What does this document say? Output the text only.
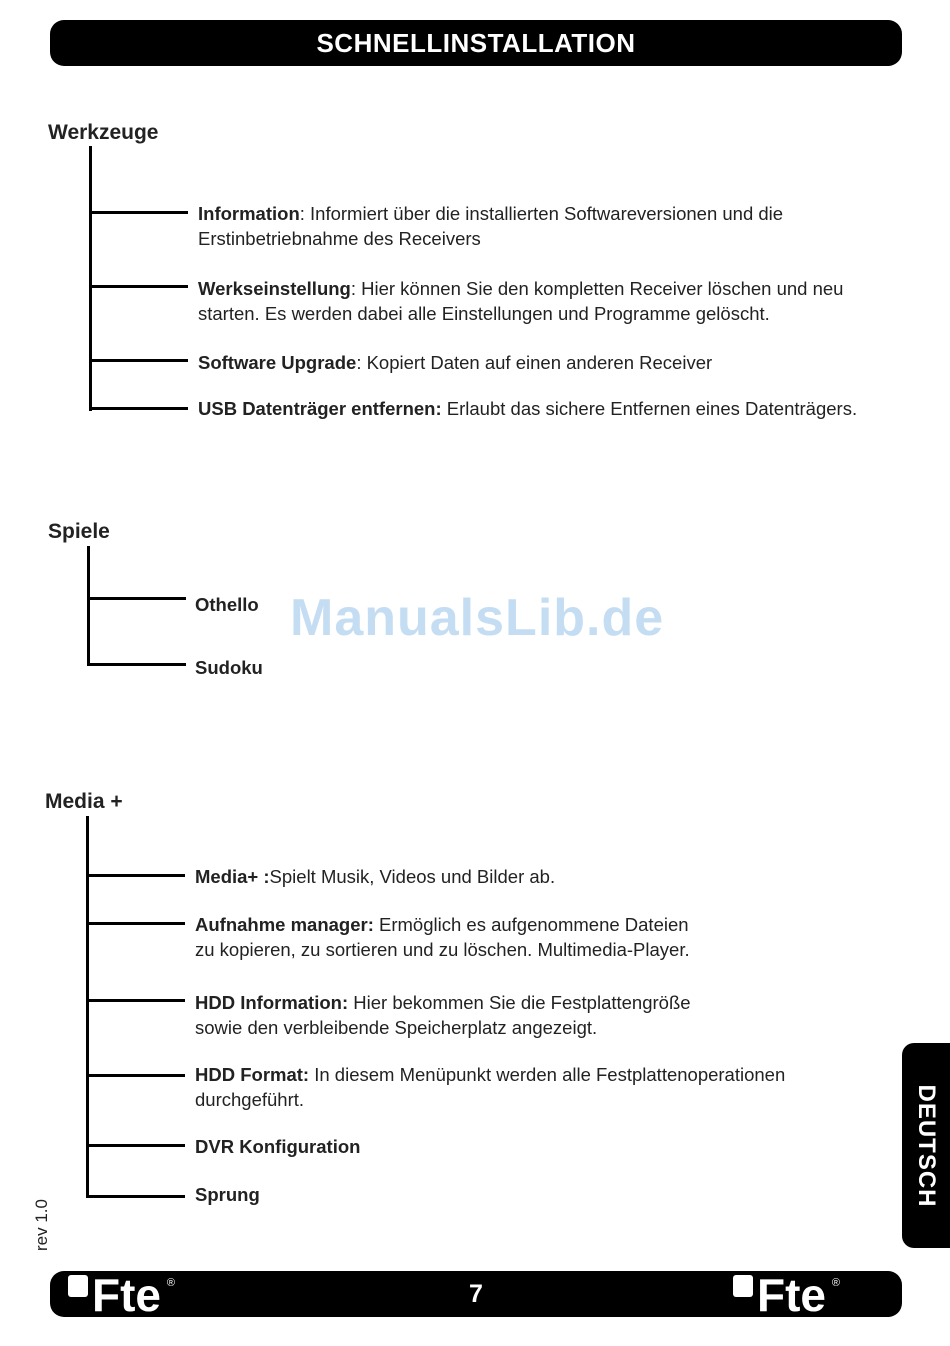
SCHNELLINSTALLATION
Werkzeuge
Information: Informiert über die installierten Softwareversionen und die Erstinbetriebnahme des Receivers
Werkseinstellung: Hier können Sie den kompletten Receiver löschen und neu starten. Es werden dabei alle Einstellungen und Programme gelöscht.
Software Upgrade: Kopiert Daten auf einen anderen Receiver
USB Datenträger entfernen: Erlaubt das sichere Entfernen eines Datenträgers.
Spiele
Othello
Sudoku
ManualsLib.de
Media +
Media+ :Spielt Musik, Videos und Bilder ab.
Aufnahme manager: Ermöglich es aufgenommene Dateien
zu kopieren, zu sortieren und zu löschen. Multimedia-Player.
HDD Information: Hier bekommen Sie die Festplattengröße
sowie den verbleibende Speicherplatz angezeigt.
HDD Format: In diesem Menüpunkt werden alle Festplattenoperationen
durchgeführt.
DVR Konfiguration
Sprung	DEUTSCH
rev 1.0
Fte ®	7	Fte ®
